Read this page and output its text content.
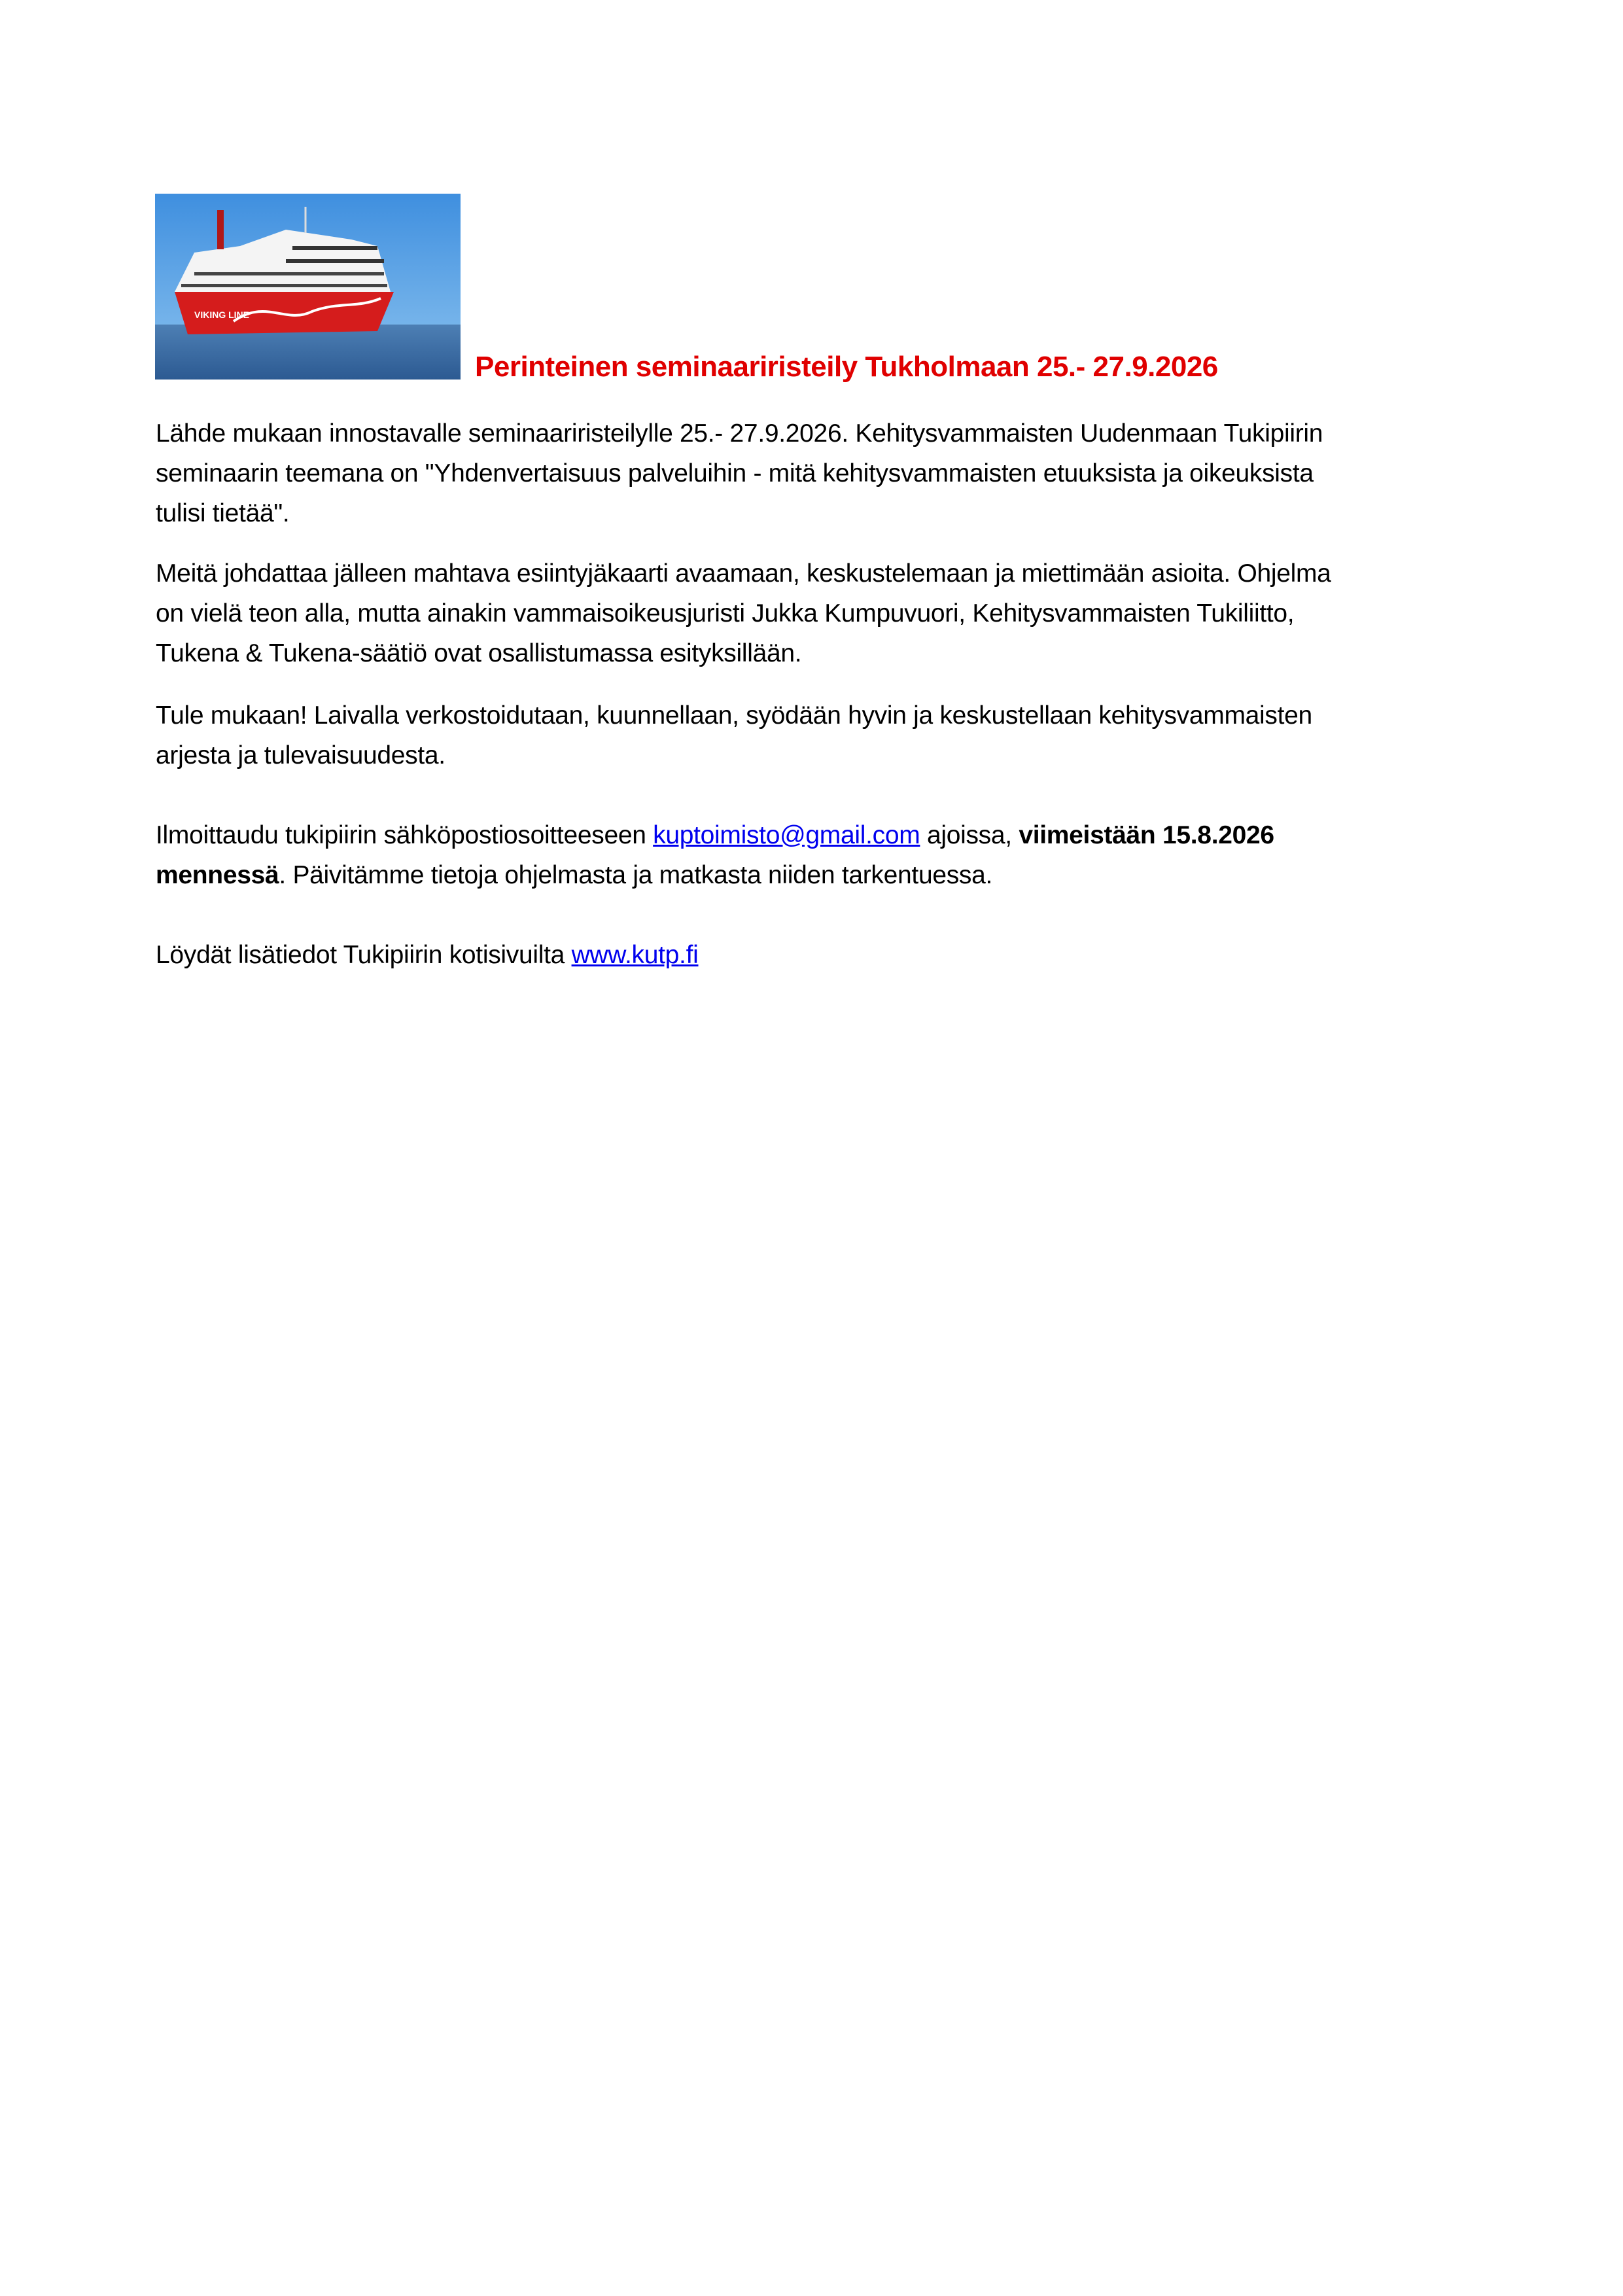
VIKING LINE
Perinteinen seminaariristeily Tukholmaan 25.- 27.9.2026
Lähde mukaan innostavalle seminaariristeilylle 25.- 27.9.2026. Kehitysvammaisten Uudenmaan Tukipiirin
seminaarin teemana on "Yhdenvertaisuus palveluihin - mitä kehitysvammaisten etuuksista ja oikeuksista
tulisi tietää".
Meitä johdattaa jälleen mahtava esiintyjäkaarti avaamaan, keskustelemaan ja miettimään asioita. Ohjelma
on vielä teon alla, mutta ainakin vammaisoikeusjuristi Jukka Kumpuvuori, Kehitysvammaisten Tukiliitto,
Tukena & Tukena-säätiö ovat osallistumassa esityksillään.
Tule mukaan! Laivalla verkostoidutaan, kuunnellaan, syödään hyvin ja keskustellaan kehitysvammaisten
arjesta ja tulevaisuudesta.
Ilmoittaudu tukipiirin sähköpostiosoitteeseen kuptoimisto@gmail.com ajoissa, viimeistään 15.8.2026
mennessä. Päivitämme tietoja ohjelmasta ja matkasta niiden tarkentuessa.
Löydät lisätiedot Tukipiirin kotisivuilta www.kutp.fi
